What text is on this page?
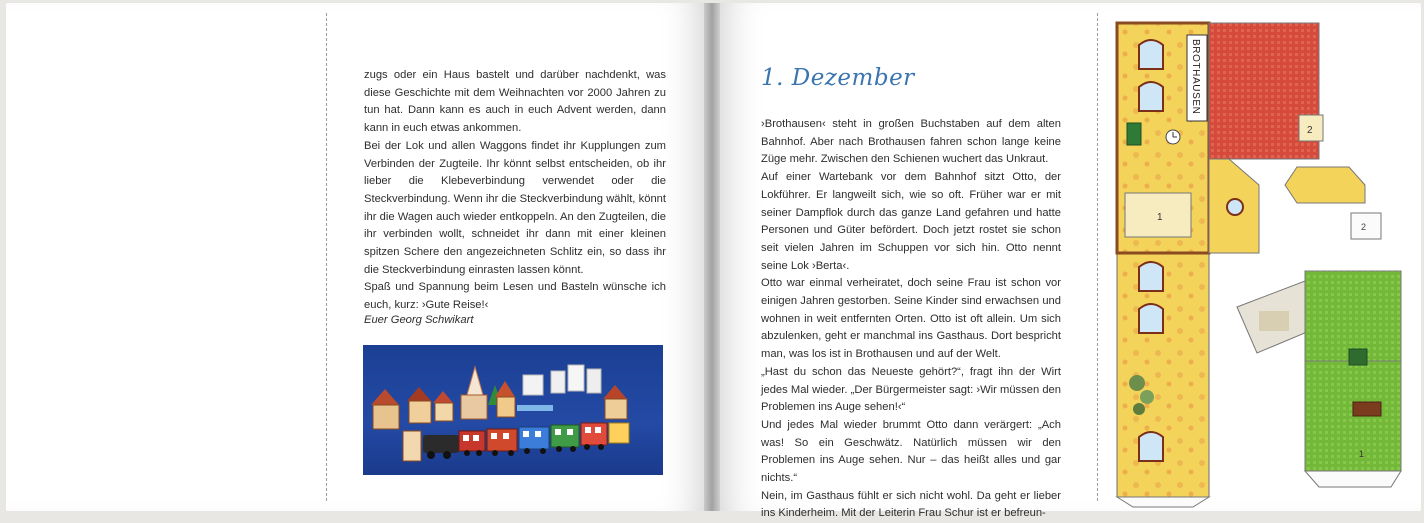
zugs oder ein Haus bastelt und darüber nachdenkt, was diese Geschichte mit dem Weihnachten vor 2000 Jahren zu tun hat. Dann kann es auch in euch Advent werden, dann kann in euch etwas ankommen.

Bei der Lok und allen Waggons findet ihr Kupplungen zum Verbinden der Zugteile. Ihr könnt selbst entscheiden, ob ihr lieber die Klebeverbindung verwendet oder die Steckverbindung. Wenn ihr die Steckverbindung wählt, könnt ihr die Wagen auch wieder entkoppeln. An den Zugteilen, die ihr verbinden wollt, schneidet ihr dann mit einer kleinen spitzen Schere den angezeichneten Schlitz ein, so dass ihr die Steckverbindung einrasten lassen könnt.

Spaß und Spannung beim Lesen und Basteln wünsche ich euch, kurz: ›Gute Reise!‹

Euer Georg Schwikart
1. Dezember

›Brothausen‹ steht in großen Buchstaben auf dem alten Bahnhof. Aber nach Brothausen fahren schon lange keine Züge mehr. Zwischen den Schienen wuchert das Unkraut.

Auf einer Wartebank vor dem Bahnhof sitzt Otto, der Lokführer. Er langweilt sich, wie so oft. Früher war er mit seiner Dampflok durch das ganze Land gefahren und hatte Personen und Güter befördert. Doch jetzt rostet sie schon seit vielen Jahren im Schuppen vor sich hin. Otto nennt seine Lok ›Berta‹.

Otto war einmal verheiratet, doch seine Frau ist schon vor einigen Jahren gestorben. Seine Kinder sind erwachsen und wohnen in weit entfernten Orten. Otto ist oft allein. Um sich abzulenken, geht er manchmal ins Gasthaus. Dort bespricht man, was los ist in Brothausen und auf der Welt.

„Hast du schon das Neueste gehört?“, fragt ihn der Wirt jedes Mal wieder. „Der Bürgermeister sagt: ›Wir müssen den Problemen ins Auge sehen!‹“

Und jedes Mal wieder brummt Otto dann verärgert: „Ach was! So ein Geschwätz. Natürlich müssen wir den Problemen ins Auge sehen. Nur – das heißt alles und gar nichts.“

Nein, im Gasthaus fühlt er sich nicht wohl. Da geht er lieber ins Kinderheim. Mit der Leiterin Frau Schur ist er befreun-

BROTHAUSEN
1
2
2
1
